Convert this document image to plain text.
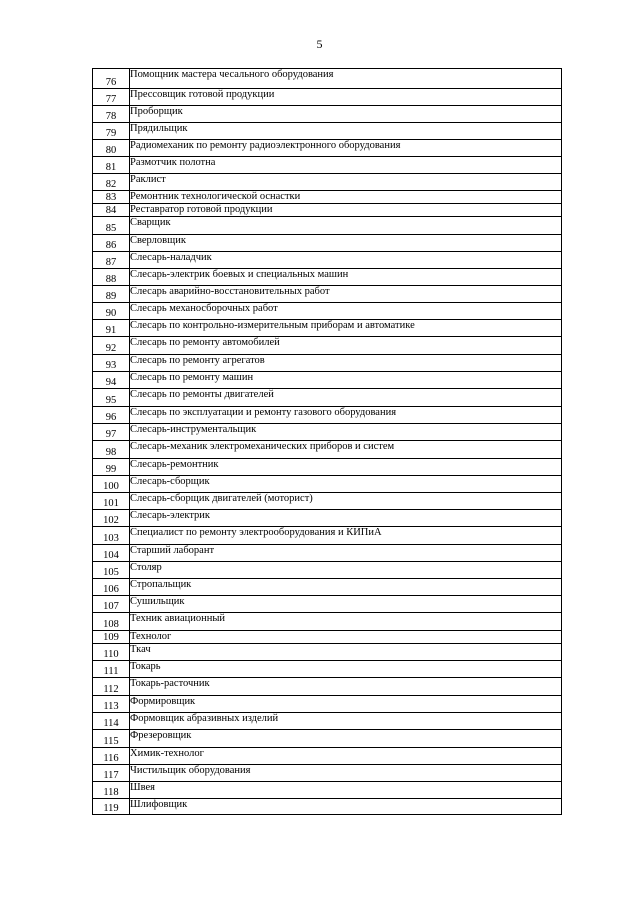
5
76	Помощник мастера чесального оборудования
77	Прессовщик готовой продукции
78	Проборщик
79	Прядильщик
80	Радиомеханик по ремонту радиоэлектронного оборудования
81	Размотчик полотна
82	Раклист
83	Ремонтник технологической оснастки
84	Реставратор готовой продукции
85	Сварщик
86	Сверловщик
87	Слесарь-наладчик
88	Слесарь-электрик боевых и специальных машин
89	Слесарь аварийно-восстановительных работ
90	Слесарь механосборочных работ
91	Слесарь по контрольно-измерительным приборам и автоматике
92	Слесарь по ремонту автомобилей
93	Слесарь по ремонту агрегатов
94	Слесарь по ремонту машин
95	Слесарь по ремонты двигателей
96	Слесарь по эксплуатации и ремонту газового оборудования
97	Слесарь-инструментальщик
98	Слесарь-механик электромеханических приборов и систем
99	Слесарь-ремонтник
100	Слесарь-сборщик
101	Слесарь-сборщик двигателей (моторист)
102	Слесарь-электрик
103	Специалист по ремонту электрооборудования и КИПиА
104	Старший лаборант
105	Столяр
106	Стропальщик
107	Сушильщик
108	Техник авиационный
109	Технолог
110	Ткач
111	Токарь
112	Токарь-расточник
113	Формировщик
114	Формовщик абразивных изделий
115	Фрезеровщик
116	Химик-технолог
117	Чистильщик оборудования
118	Швея
119	Шлифовщик
